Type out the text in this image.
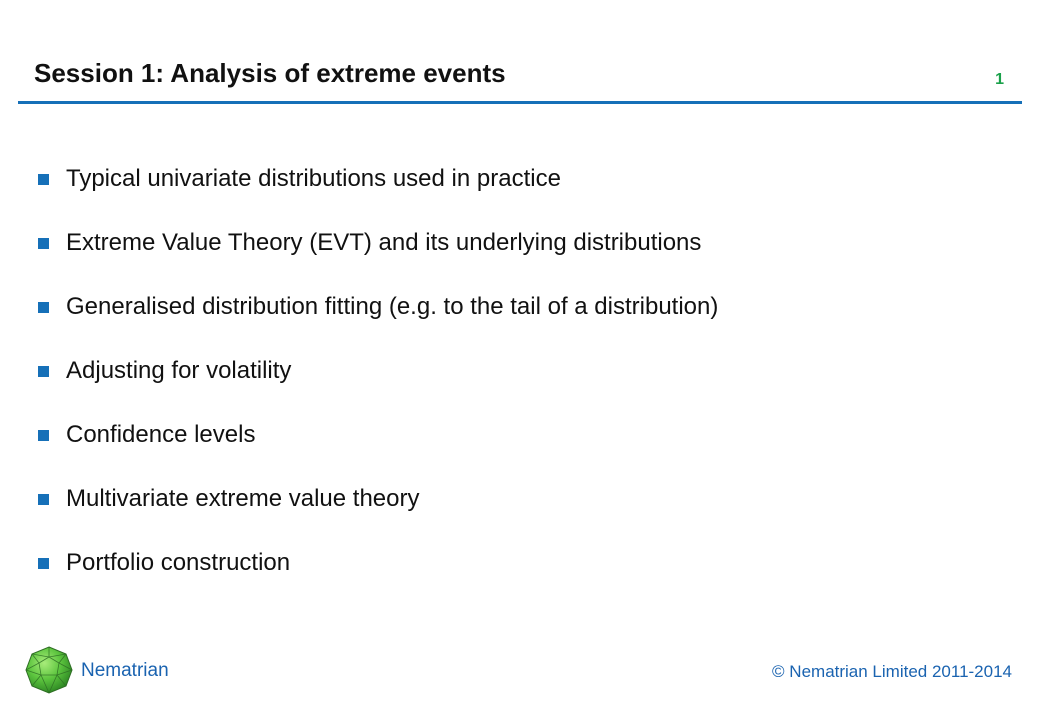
Session 1: Analysis of extreme events	1
Typical univariate distributions used in practice
Extreme Value Theory (EVT) and its underlying distributions
Generalised distribution fitting (e.g. to the tail of a distribution)
Adjusting for volatility
Confidence levels
Multivariate extreme value theory
Portfolio construction
Nematrian	© Nematrian Limited 2011-2014
